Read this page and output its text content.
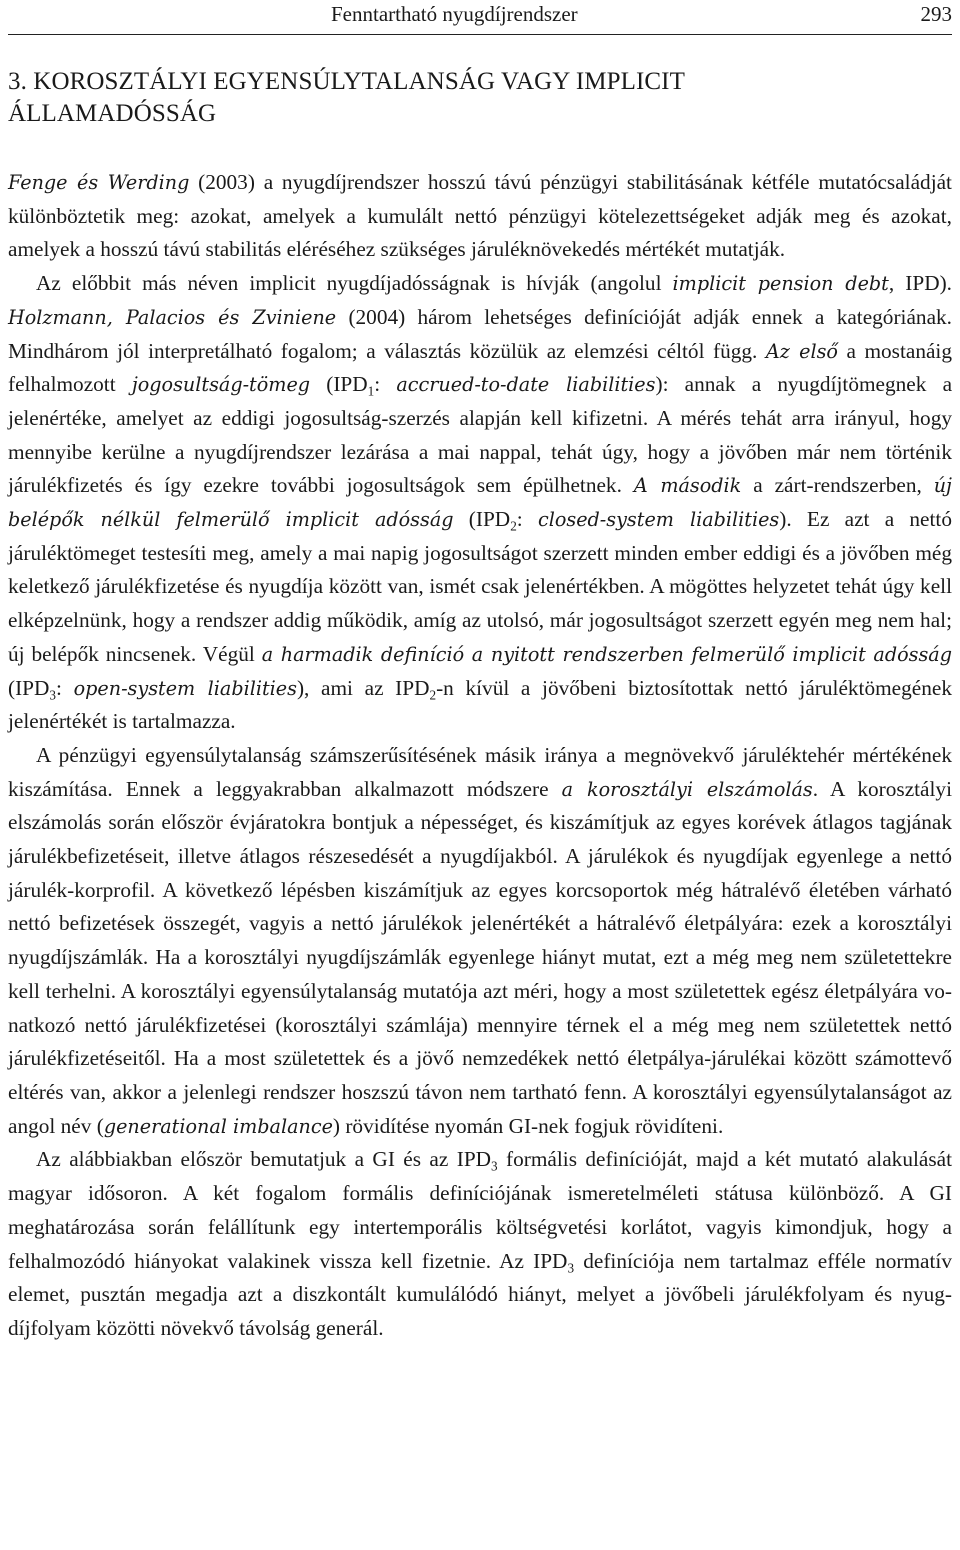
Fenntartható nyugdíjrendszer	293
3. KOROSZTÁLYI EGYENSÚLYTALANSÁG VAGY IMPLICIT
ÁLLAMADÓSSÁG

Fenge és Werding (2003) a nyugdíjrendszer hosszú távú pénzügyi stabilitásának kétféle mutatócsaládját különböztetik meg: azokat, amelyek a kumulált nettó pénzügyi kötelezettségeket adják meg és azokat, amelyek a hosszú távú stabilitás eléréséhez szükséges járuléknövekedés mértékét mutatják.

Az előbbit más néven implicit nyugdíjadósságnak is hívják (angolul implicit pension debt, IPD). Holzmann, Palacios és Zviniene (2004) három lehetséges definícióját adják ennek a kategóriának. Mindhárom jól interpretálható fogalom; a választás közülük az elemzési céltól függ. Az első a mostanáig felhalmozott jogosultság-tömeg ($IPD_1$: accrued-to-date liabilities): annak a nyugdíjtömegnek a jelenértéke, amelyet az eddigi jogosultság-szerzés alapján kell kifizetni. A mérés tehát arra irányul, hogy mennyibe kerülne a nyugdíjrendszer lezárása a mai nappal, tehát úgy, hogy a jövőben már nem történik járulékfizetés és így ezekre további jogosultságok sem épülhetnek. A második a zárt-rendszerben, új belépők nélkül felmerülő implicit adósság ($IPD_2$: closed-system liabilities). Ez azt a nettó járuléktömeget testesíti meg, amely a mai napig jogosultságot szerzett minden ember eddigi és a jövőben még keletkező járulékfizetése és nyugdíja között van, ismét csak jelenértékben. A mögöttes helyzetet tehát úgy kell elképzelnünk, hogy a rendszer addig működik, amíg az utolsó, már jogosultságot szerzett egyén meg nem hal; új belépők nincsenek. Végül a harmadik definíció a nyitott rendszerben felmerülő implicit adósság ($IPD_3$: open-system liabilities), ami az $IPD_2-n$ kívül a jövőbeni biztosítottak nettó járuléktömegének jelenértékét is tartalmazza.

A pénzügyi egyensúlytalanság számszerűsítésének másik iránya a megnövekvő járuléktehér mértékének kiszámítása. Ennek a leggyakrabban alkalmazott módszere a korosztályi elszámolás. A korosztályi elszámolás során először évjáratokra bontjuk a népességet, és kiszámítjuk az egyes korévek átlagos tagjának járulékbefizetéseit, illetve átlagos részesedését a nyugdíjakból. A járulékok és nyugdíjak egyenlege a nettó járulék-korprofil. A következő lépésben kiszámítjuk az egyes korcsoportok még hátralévő életében várható nettó befizetések összegét, vagyis a nettó járulékok jelenértékét a hátralévő életpályára: ezek a korosztályi nyugdíjszámlák. Ha a korosztályi nyugdíjszámlák egyenlege hiányt mutat, ezt a még meg nem születettekre kell terhelni. A korosztályi egyensúlytalanság mutatója azt méri, hogy a most születettek egész életpályára vonatkozó nettó járulékfizetései (korosztályi számlája) mennyire térnek el a még meg nem születettek nettó járulékfizetéseitől. Ha a most születettek és a jövő nemzedékek nettó életpálya-járulékai között számottevő eltérés van, akkor a jelenlegi rendszer hoszszú távon nem tartható fenn. A korosztályi egyensúlytalanságot az angol név (generational imbalance) rövidítése nyomán GI-nek fogjuk rövidíteni.

Az alábbiakban először bemutatjuk a GI és az $IPD_3$ formális definícióját, majd a két mutató alakulását magyar idősoron. A két fogalom formális definíciójának ismeretelméleti státusa különböző. A GI meghatározása során felállítunk egy intertemporális költségvetési korlátot, vagyis kimondjuk, hogy a felhalmozódó hiányokat valakinek vissza kell fizetnie. Az $IPD_3$ definíciója nem tartalmaz efféle normatív elemet, pusztán megadja azt a diszkontált kumulálódó hiányt, melyet a jövőbeli járulékfolyam és nyugdíjfolyam közötti növekvő távolság generál.
